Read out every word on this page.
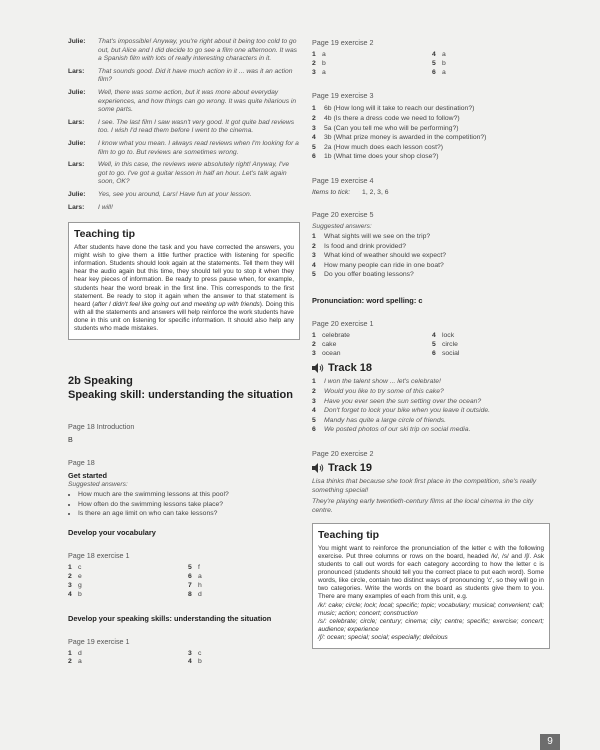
Julie:	That's impossible! Anyway, you're right about it being too cold to go out, but Alice and I did decide to go see a film one afternoon. It was a Spanish film with lots of really interesting characters in it.
Lars:	That sounds good. Did it have much action in it ... was it an action film?
Julie:	Well, there was some action, but it was more about everyday experiences, and how things can go wrong. It was quite hilarious in some parts.
Lars:	I see. The last film I saw wasn't very good. It got quite bad reviews too. I wish I'd read them before I went to the cinema.
Julie:	I know what you mean. I always read reviews when I'm looking for a film to go to. But reviews are sometimes wrong.
Lars:	Well, in this case, the reviews were absolutely right! Anyway, I've got to go. I've got a guitar lesson in half an hour. Let's talk again soon, OK?
Julie:	Yes, see you around, Lars! Have fun at your lesson.
Lars:	I will!
Teaching tip

After students have done the task and you have corrected the answers, you might wish to give them a little further practice with listening for specific information. Students should look again at the statements. Tell them they will hear the audio again but this time, they should tell you to stop it when they hear key pieces of information. Be ready to press pause when, for example, students hear the word break in the first line. This corresponds to the first statement. Be ready to stop it again when the answer to that statement is heard (after I didn't feel like going out and meeting up with friends). Doing this with all the statements and answers will help reinforce the work students have done in this unit on listening for specific information. It should also help any students who made mistakes.

2b Speaking
Speaking skill: understanding the situation
Page 18 Introduction
B
Page 18
Get started
Suggested answers:
• How much are the swimming lessons at this pool?
• How often do the swimming lessons take place?
• Is there an age limit on who can take lessons?
Develop your vocabulary
Page 18 exercise 1
1 c	5 f
2 e	6 a
3 g	7 h
4 b	8 d
Develop your speaking skills: understanding the situation
Page 19 exercise 1
1 d	3 c
2 a	4 b
Page 19 exercise 2
1 a	4 a
2 b	5 b
3 a	6 a
Page 19 exercise 3
1	6b (How long will it take to reach our destination?)
2	4b (Is there a dress code we need to follow?)
3	5a (Can you tell me who will be performing?)
4	3b (What prize money is awarded in the competition?)
5	2a (How much does each lesson cost?)
6	1b (What time does your shop close?)
Page 19 exercise 4
Items to tick: 1, 2, 3, 6
Page 20 exercise 5
Suggested answers:
1	What sights will we see on the trip?
2	Is food and drink provided?
3	What kind of weather should we expect?
4	How many people can ride in one boat?
5	Do you offer boating lessons?
Pronunciation: word spelling: c
Page 20 exercise 1
1 celebrate	4 lock
2 cake	5 circle
3 ocean	6 social
Track 18
1	I won the talent show ... let's celebrate!
2	Would you like to try some of this cake?
3	Have you ever seen the sun setting over the ocean?
4	Don't forget to lock your bike when you leave it outside.
5	Mandy has quite a large circle of friends.
6	We posted photos of our ski trip on social media.
Page 20 exercise 2
Track 19
Lisa thinks that because she took first place in the competition, she's really something special!
They're playing early twentieth-century films at the local cinema in the city centre.
Teaching tip

You might want to reinforce the pronunciation of the letter c with the following exercise. Put three columns or rows on the board, headed /k/, /s/ and /ʃ/. Ask students to call out words for each category according to how the letter c is pronounced (students should tell you the correct place to put each word). Some words, like circle, contain two distinct ways of pronouncing 'c', so they will go in two categories. Write the words on the board as students give them to you. There are many examples of each from this unit, e.g.

/k/: cake; circle; lock; local; specific; topic; vocabulary; musical; convenient; call; music; action; concert; construction

/s/: celebrate; circle; century; cinema; city; centre; specific; exercise; concert; audience; experience

/ʃ/: ocean; special; social; especially; delicious

9
